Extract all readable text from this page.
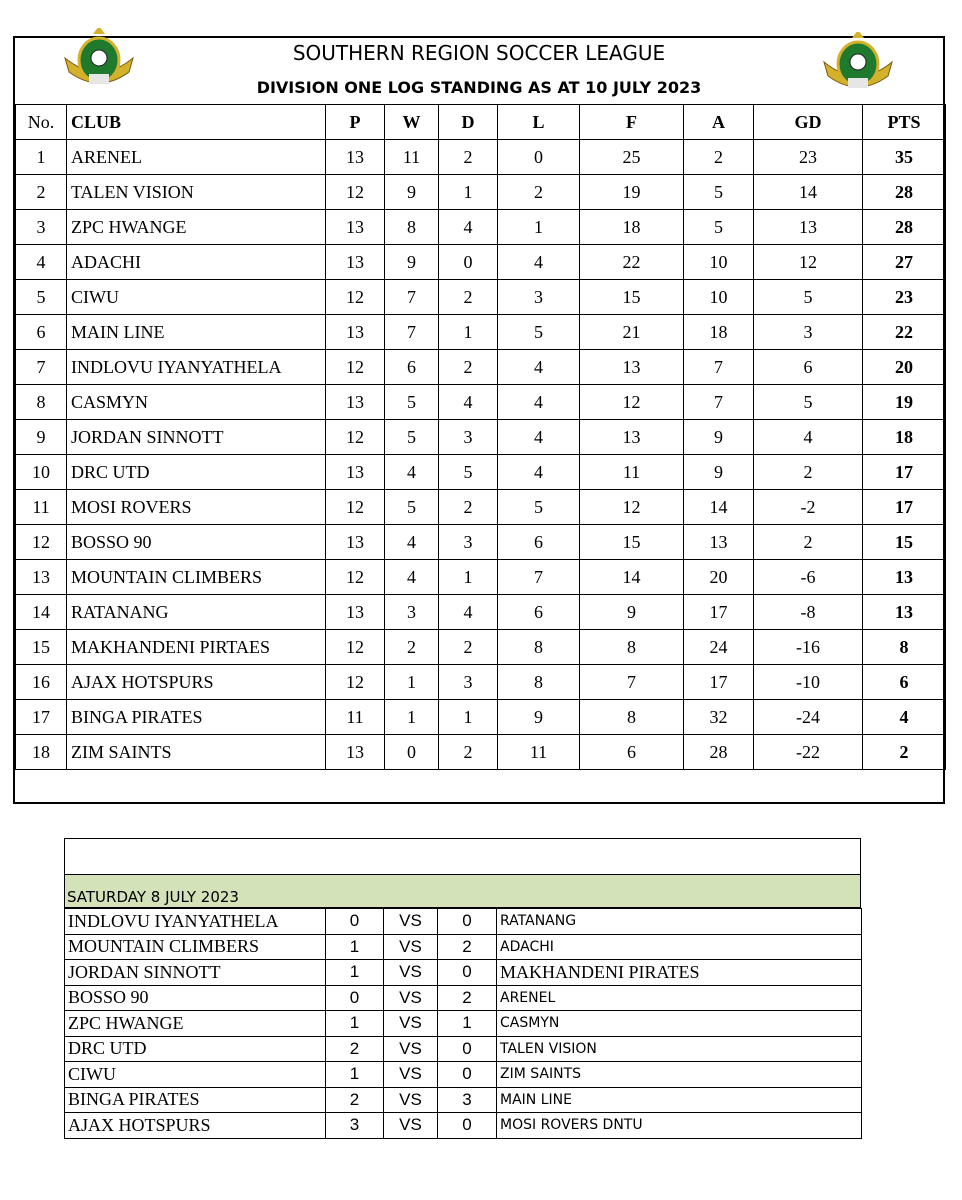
SOUTHERN REGION SOCCER LEAGUE
DIVISION ONE LOG STANDING AS AT 10 JULY 2023
No.	CLUB	P	W	D	L	F	A	GD	PTS
1	ARENEL	13	11	2	0	25	2	23	35
2	TALEN VISION	12	9	1	2	19	5	14	28
3	ZPC HWANGE	13	8	4	1	18	5	13	28
4	ADACHI	13	9	0	4	22	10	12	27
5	CIWU	12	7	2	3	15	10	5	23
6	MAIN LINE	13	7	1	5	21	18	3	22
7	INDLOVU IYANYATHELA	12	6	2	4	13	7	6	20
8	CASMYN	13	5	4	4	12	7	5	19
9	JORDAN SINNOTT	12	5	3	4	13	9	4	18
10	DRC UTD	13	4	5	4	11	9	2	17
11	MOSI ROVERS	12	5	2	5	12	14	-2	17
12	BOSSO 90	13	4	3	6	15	13	2	15
13	MOUNTAIN CLIMBERS	12	4	1	7	14	20	-6	13
14	RATANANG	13	3	4	6	9	17	-8	13
15	MAKHANDENI PIRTAES	12	2	2	8	8	24	-16	8
16	AJAX HOTSPURS	12	1	3	8	7	17	-10	6
17	BINGA PIRATES	11	1	1	9	8	32	-24	4
18	ZIM SAINTS	13	0	2	11	6	28	-22	2

SATURDAY 8 JULY 2023
INDLOVU IYANYATHELA	0	VS	0	RATANANG
MOUNTAIN CLIMBERS	1	VS	2	ADACHI
JORDAN SINNOTT	1	VS	0	MAKHANDENI PIRATES
BOSSO 90	0	VS	2	ARENEL
ZPC HWANGE	1	VS	1	CASMYN
DRC UTD	2	VS	0	TALEN VISION
CIWU	1	VS	0	ZIM SAINTS
BINGA PIRATES	2	VS	3	MAIN LINE
AJAX HOTSPURS	3	VS	0	MOSI ROVERS DNTU
